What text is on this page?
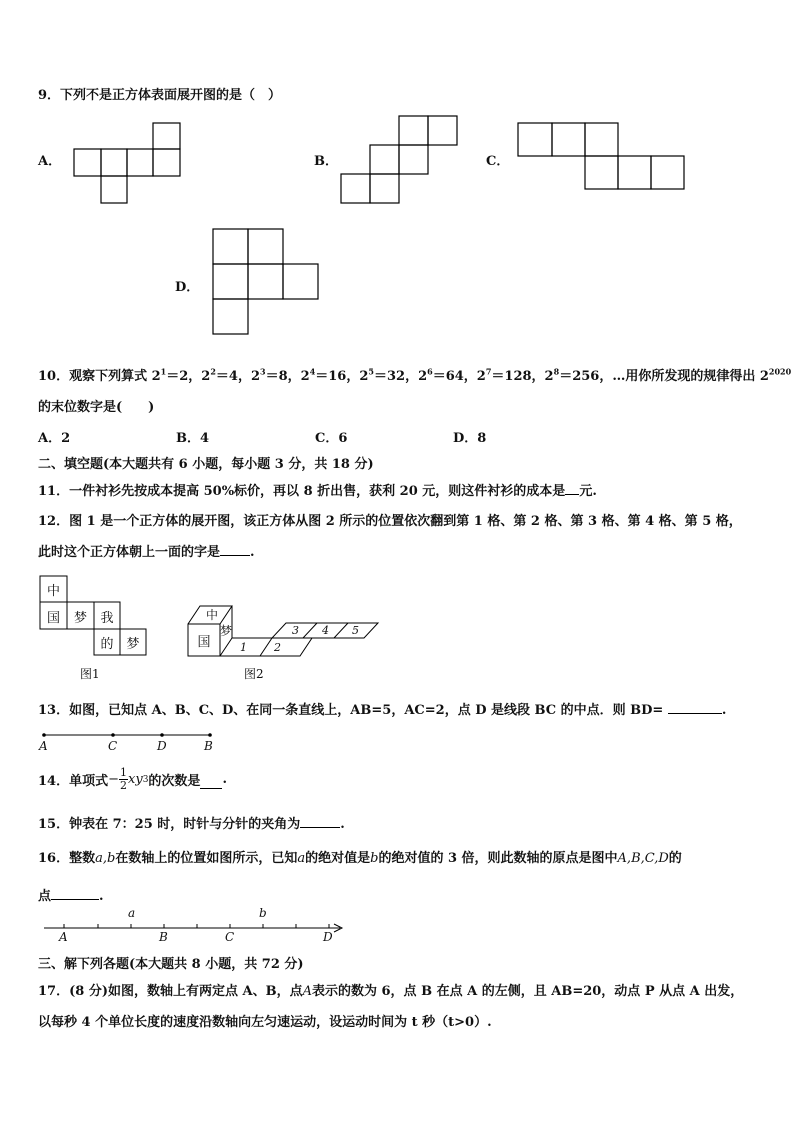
9．下列不是正方体表面展开图的是（　）
A．	B．	C．
D．
10．观察下列算式 $2^1=2$，$2^2=4$，$2^3=8$，$2^4=16$，$2^5=32$，$2^6=64$，$2^7=128$，$2^8=256$，…用你所发现的规律得出 $2^{2020}$
的末位数字是(　　)
A．2	B．4	C．6	D．8
二、填空题(本大题共有 6 小题，每小题 3 分，共 18 分)
11．一件衬衫先按成本提高 50%标价，再以 8 折出售，获利 20 元，则这件衬衫的成本是 元.
12．图 1 是一个正方体的展开图，该正方体从图 2 所示的位置依次翻到第 1 格、第 2 格、第 3 格、第 4 格、第 5 格，
此时这个正方体朝上一面的字是 .
中
国	梦	我
的 梦
图1
国
中
梦
1 2
3 4 5
图2
13．如图，已知点 A、B、C、D、在同一条直线上，AB=5，AC=2，点 D 是线段 BC 的中点．则 BD=	.
A	C	D	B
14．单项式 − $\frac{1}{2}$ xy 3 的次数是 .
15．钟表在 7：25 时，时针与分针的夹角为	.
16．整数a,b在数轴上的位置如图所示，已知a的绝对值是b的绝对值的 3 倍，则此数轴的原点是图中A,B,C,D的
点	.
a	b
A	B	C	D
三、解下列各题(本大题共 8 小题，共 72 分)
17．(8 分)如图，数轴上有两定点 A、B，点A表示的数为 6，点 B 在点 A 的左侧，且 AB=20，动点 P 从点 A 出发，
以每秒 4 个单位长度的速度沿数轴向左匀速运动，设运动时间为 t 秒（t>0）.
